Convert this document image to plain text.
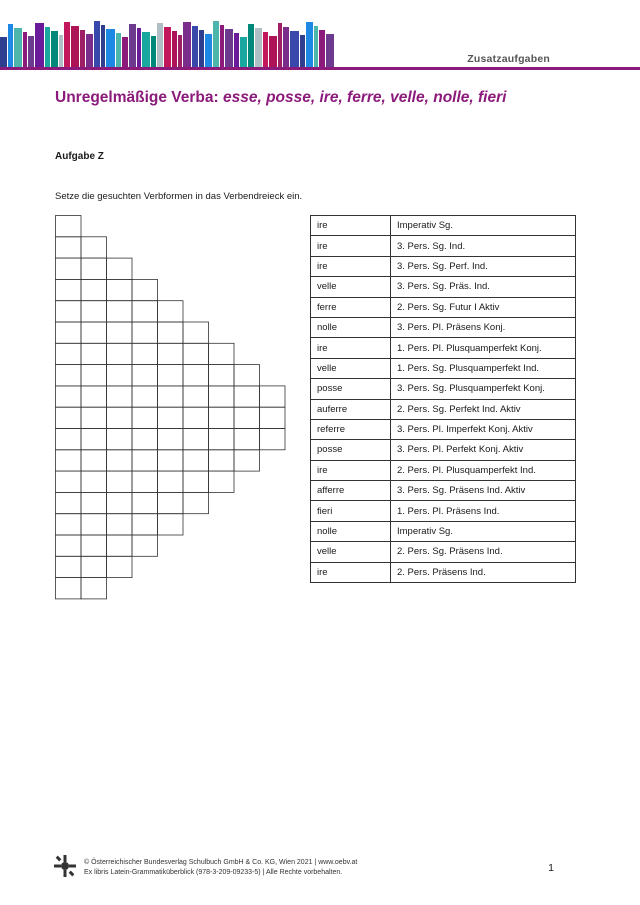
Zusatzaufgaben
Unregelmäßige Verba: esse, posse, ire, ferre, velle, nolle, fieri
Aufgabe Z
Setze die gesuchten Verbformen in das Verbendreieck ein.
ire	Imperativ Sg.
ire	3. Pers. Sg. Ind.
ire	3. Pers. Sg. Perf. Ind.
velle	3. Pers. Sg. Präs. Ind.
ferre	2. Pers. Sg. Futur I Aktiv
nolle	3. Pers. Pl. Präsens Konj.
ire	1. Pers. Pl. Plusquamperfekt Konj.
velle	1. Pers. Sg. Plusquamperfekt Ind.
posse	3. Pers. Sg. Plusquamperfekt Konj.
auferre	2. Pers. Sg. Perfekt Ind. Aktiv
referre	3. Pers. Pl. Imperfekt Konj. Aktiv
posse	3. Pers. Pl. Perfekt Konj. Aktiv
ire	2. Pers. Pl. Plusquamperfekt Ind.
afferre	3. Pers. Sg. Präsens Ind. Aktiv
fieri	1. Pers. Pl. Präsens Ind.
nolle	Imperativ Sg.
velle	2. Pers. Sg. Präsens Ind.
ire	2. Pers. Präsens Ind.
© Österreichischer Bundesverlag Schulbuch GmbH & Co. KG, Wien 2021 | www.oebv.at
Ex libris Latein-Grammatiküberblick (978-3-209-09233-5) | Alle Rechte vorbehalten.	1
